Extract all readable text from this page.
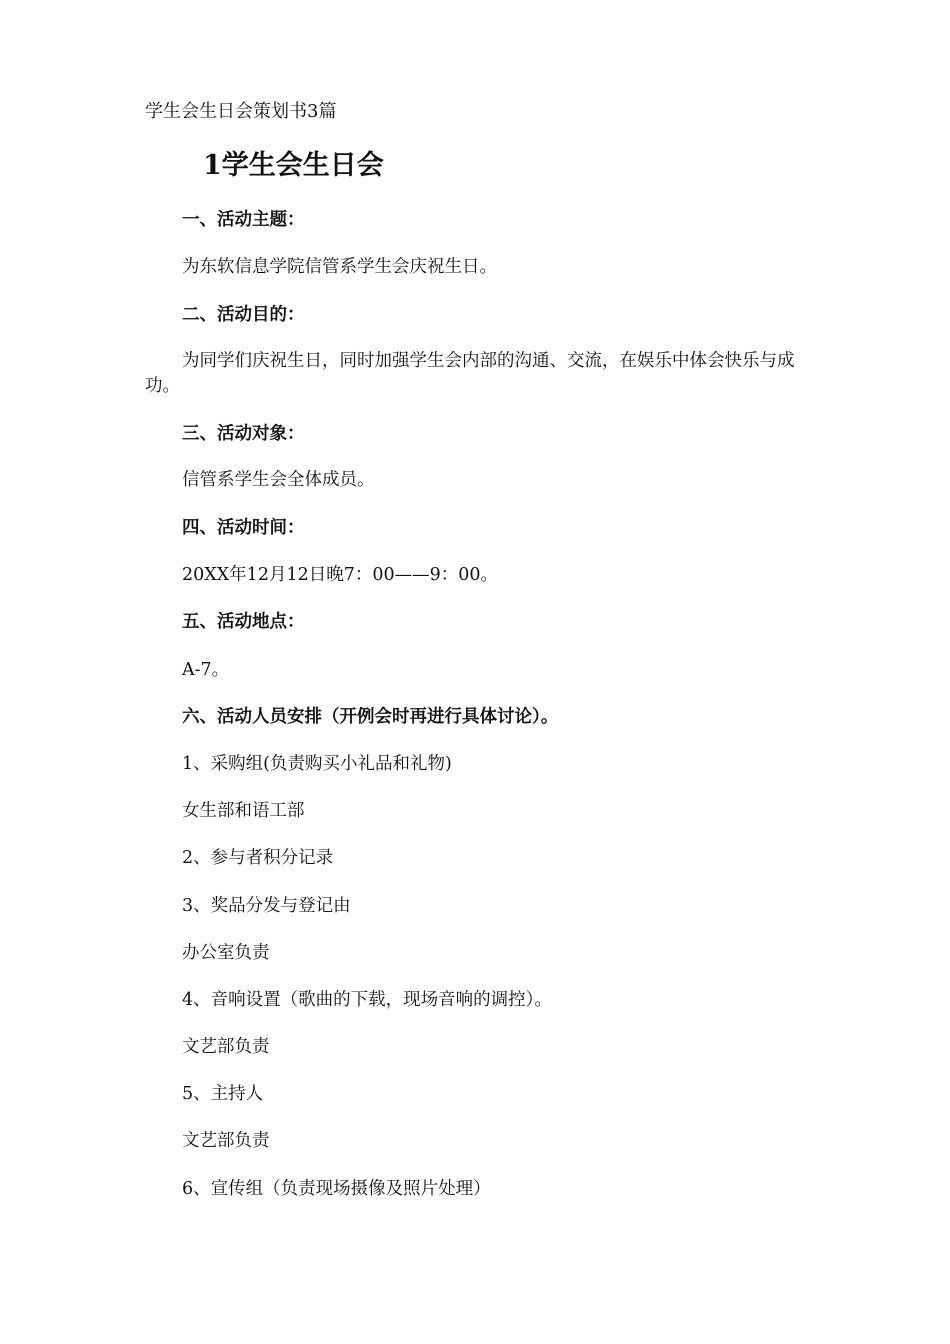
学生会生日会策划书3篇
1学生会生日会
一、活动主题：
为东软信息学院信管系学生会庆祝生日。
二、活动目的：
为同学们庆祝生日，同时加强学生会内部的沟通、交流，在娱乐中体会快乐与成功。
三、活动对象：
信管系学生会全体成员。
四、活动时间：
20XX年12月12日晚7：00——9：00。
五、活动地点：
A-7。
六、活动人员安排（开例会时再进行具体讨论）。
1、采购组(负责购买小礼品和礼物)
女生部和语工部
2、参与者积分记录
3、奖品分发与登记由
办公室负责
4、音响设置（歌曲的下载，现场音响的调控）。
文艺部负责
5、主持人
文艺部负责
6、宣传组（负责现场摄像及照片处理）
